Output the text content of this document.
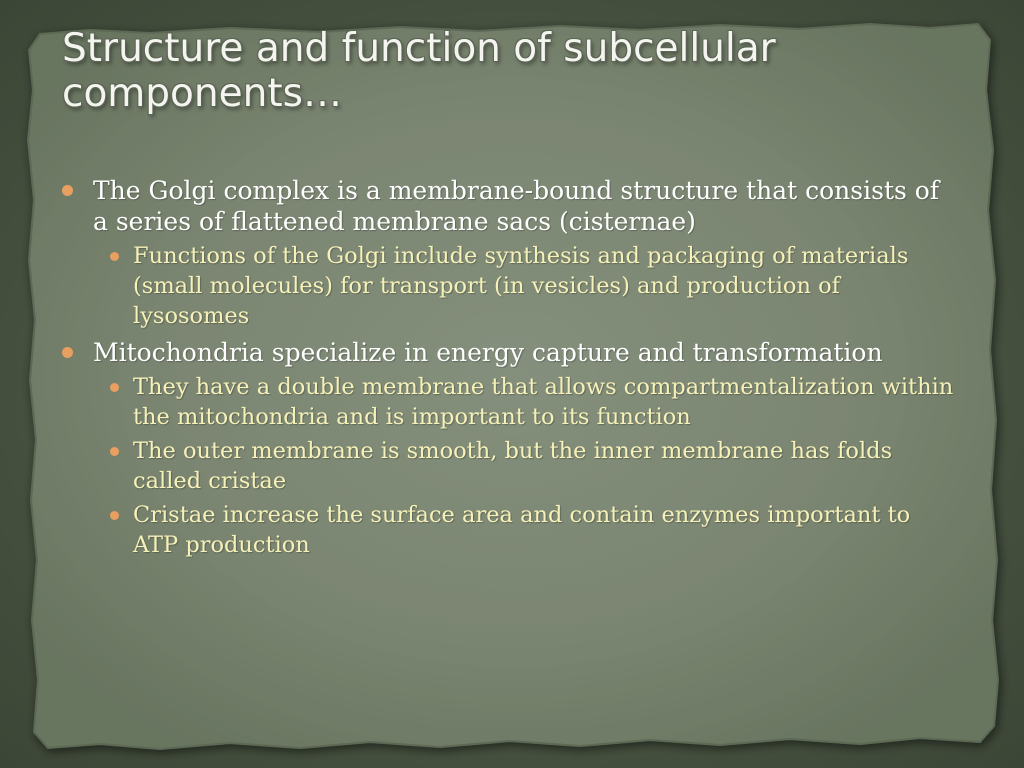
Structure and function of subcellular components…
The Golgi complex is a membrane-bound structure that consists of a series of flattened membrane sacs (cisternae)
Functions of the Golgi include synthesis and packaging of materials (small molecules) for transport (in vesicles) and production of lysosomes
Mitochondria specialize in energy capture and transformation
They have a double membrane that allows compartmentalization within the mitochondria and is important to its function
The outer membrane is smooth, but the inner membrane has folds called cristae
Cristae increase the surface area and contain enzymes important to ATP production
